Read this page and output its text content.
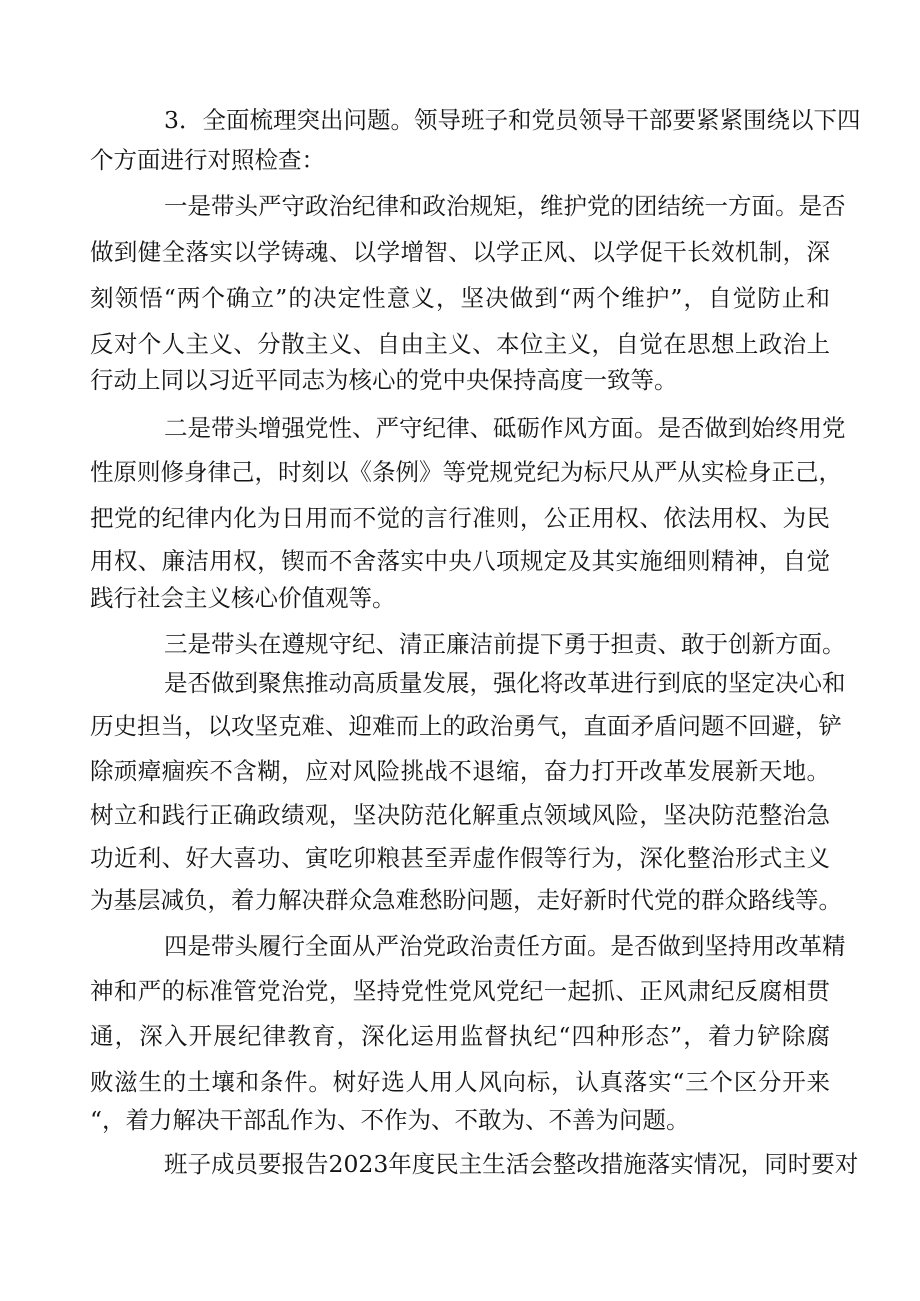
3．全面梳理突出问题。领导班子和党员领导干部要紧紧围绕以下四
个方面进行对照检查：
一是带头严守政治纪律和政治规矩，维护党的团结统一方面。是否
做到健全落实以学铸魂、以学增智、以学正风、以学促干长效机制，深
刻领悟“两个确立”的决定性意义，坚决做到“两个维护”，自觉防止和
反对个人主义、分散主义、自由主义、本位主义，自觉在思想上政治上
行动上同以习近平同志为核心的党中央保持高度一致等。
二是带头增强党性、严守纪律、砥砺作风方面。是否做到始终用党
性原则修身律己，时刻以《条例》等党规党纪为标尺从严从实检身正己，
把党的纪律内化为日用而不觉的言行准则，公正用权、依法用权、为民
用权、廉洁用权，锲而不舍落实中央八项规定及其实施细则精神，自觉
践行社会主义核心价值观等。
三是带头在遵规守纪、清正廉洁前提下勇于担责、敢于创新方面。
是否做到聚焦推动高质量发展，强化将改革进行到底的坚定决心和
历史担当，以攻坚克难、迎难而上的政治勇气，直面矛盾问题不回避，铲
除顽瘴痼疾不含糊，应对风险挑战不退缩，奋力打开改革发展新天地。
树立和践行正确政绩观，坚决防范化解重点领域风险，坚决防范整治急
功近利、好大喜功、寅吃卯粮甚至弄虚作假等行为，深化整治形式主义
为基层减负，着力解决群众急难愁盼问题，走好新时代党的群众路线等。
四是带头履行全面从严治党政治责任方面。是否做到坚持用改革精
神和严的标准管党治党，坚持党性党风党纪一起抓、正风肃纪反腐相贯
通，深入开展纪律教育，深化运用监督执纪“四种形态”，着力铲除腐
败滋生的土壤和条件。树好选人用人风向标，认真落实“三个区分开来
“，着力解决干部乱作为、不作为、不敢为、不善为问题。
班子成员要报告2023年度民主生活会整改措施落实情况，同时要对
